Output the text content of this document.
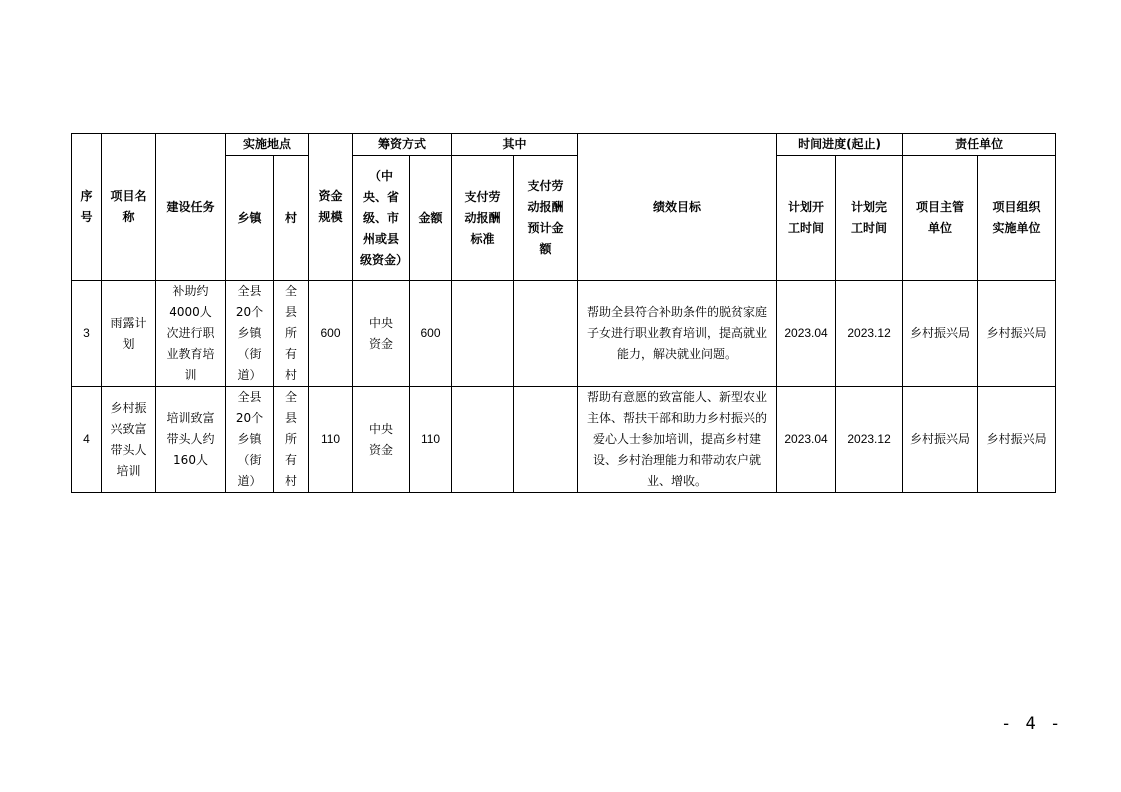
序号	项目名称	建设任务	实施地点		资金规模	筹资方式		其中		绩效目标	时间进度(起止)		责任单位	
			乡镇	村		（中央、省级、市州或县级资金）	金额	支付劳动报酬标准	支付劳动报酬预计金额		计划开工时间	计划完工时间	项目主管单位	项目组织实施单位
3	雨露计划	补助约4000人次进行职业教育培训	全县20个乡镇（街道）	全县所有村	600	中央资金	600			帮助全县符合补助条件的脱贫家庭子女进行职业教育培训，提高就业能力，解决就业问题。	2023.04	2023.12	乡村振兴局	乡村振兴局
4	乡村振兴致富带头人培训	培训致富带头人约160人	全县20个乡镇（街道）	全县所有村	110	中央资金	110			帮助有意愿的致富能人、新型农业主体、帮扶干部和助力乡村振兴的爱心人士参加培训，提高乡村建设、乡村治理能力和带动农户就业、增收。	2023.04	2023.12	乡村振兴局	乡村振兴局
- 4 -
